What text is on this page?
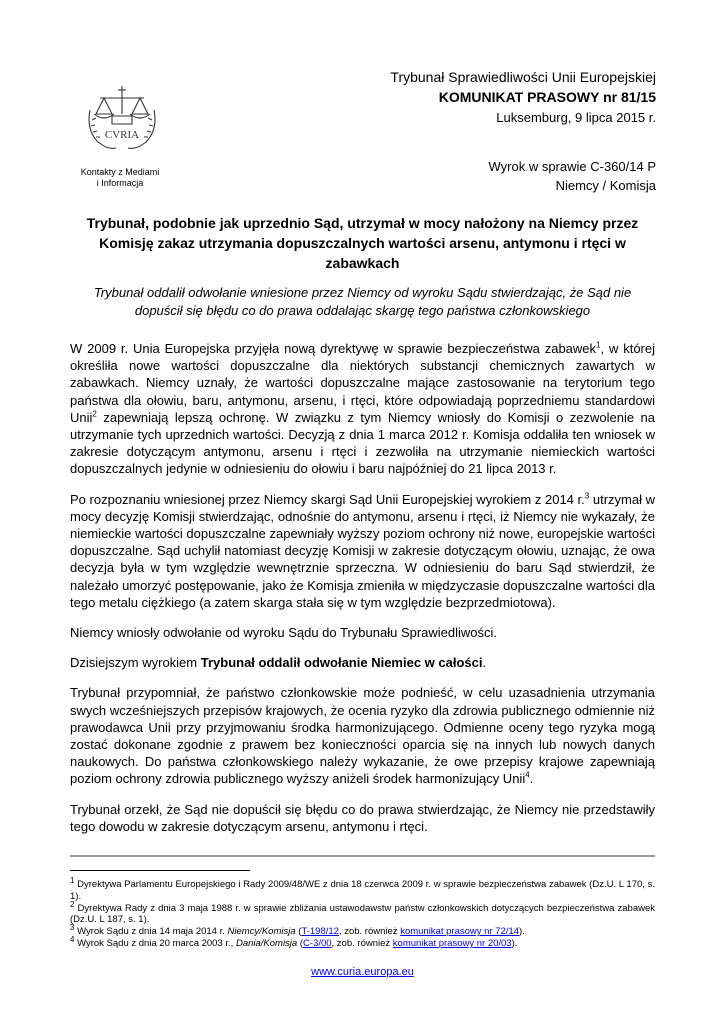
CVRIA
Kontakty z Mediami
i Informacja
Trybunał Sprawiedliwości Unii Europejskiej
KOMUNIKAT PRASOWY nr 81/15
Luksemburg, 9 lipca 2015 r.
Wyrok w sprawie C-360/14 P
Niemcy / Komisja
Trybunał, podobnie jak uprzednio Sąd, utrzymał w mocy nałożony na Niemcy przez Komisję zakaz utrzymania dopuszczalnych wartości arsenu, antymonu i rtęci w zabawkach
Trybunał oddalił odwołanie wniesione przez Niemcy od wyroku Sądu stwierdzając, że Sąd nie dopuścił się błędu co do prawa oddalając skargę tego państwa członkowskiego

W 2009 r. Unia Europejska przyjęła nową dyrektywę w sprawie bezpieczeństwa zabawek$^1$, w której określiła nowe wartości dopuszczalne dla niektórych substancji chemicznych zawartych w zabawkach. Niemcy uznały, że wartości dopuszczalne mające zastosowanie na terytorium tego państwa dla ołowiu, baru, antymonu, arsenu, i rtęci, które odpowiadają poprzedniemu standardowi Unii$^2$ zapewniają lepszą ochronę. W związku z tym Niemcy wniosły do Komisji o zezwolenie na utrzymanie tych uprzednich wartości. Decyzją z dnia 1 marca 2012 r. Komisja oddaliła ten wniosek w zakresie dotyczącym antymonu, arsenu i rtęci i zezwoliła na utrzymanie niemieckich wartości dopuszczalnych jedynie w odniesieniu do ołowiu i baru najpóźniej do 21 lipca 2013 r.

Po rozpoznaniu wniesionej przez Niemcy skargi Sąd Unii Europejskiej wyrokiem z 2014 r.$^3$ utrzymał w mocy decyzję Komisji stwierdzając, odnośnie do antymonu, arsenu i rtęci, iż Niemcy nie wykazały, że niemieckie wartości dopuszczalne zapewniały wyższy poziom ochrony niż nowe, europejskie wartości dopuszczalne. Sąd uchylił natomiast decyzję Komisji w zakresie dotyczącym ołowiu, uznając, że owa decyzja była w tym względzie wewnętrznie sprzeczna. W odniesieniu do baru Sąd stwierdził, że należało umorzyć postępowanie, jako że Komisja zmieniła w międzyczasie dopuszczalne wartości dla tego metalu ciężkiego (a zatem skarga stała się w tym względzie bezprzedmiotowa).

Niemcy wniosły odwołanie od wyroku Sądu do Trybunału Sprawiedliwości.

Dzisiejszym wyrokiem Trybunał oddalił odwołanie Niemiec w całości.

Trybunał przypomniał, że państwo członkowskie może podnieść, w celu uzasadnienia utrzymania swych wcześniejszych przepisów krajowych, że ocenia ryzyko dla zdrowia publicznego odmiennie niż prawodawca Unii przy przyjmowaniu środka harmonizującego. Odmienne oceny tego ryzyka mogą zostać dokonane zgodnie z prawem bez konieczności oparcia się na innych lub nowych danych naukowych. Do państwa członkowskiego należy wykazanie, że owe przepisy krajowe zapewniają poziom ochrony zdrowia publicznego wyższy aniżeli środek harmonizujący Unii$^4$.

Trybunał orzekł, że Sąd nie dopuścił się błędu co do prawa stwierdzając, że Niemcy nie przedstawiły tego dowodu w zakresie dotyczącym arsenu, antymonu i rtęci.

$^1$ Dyrektywa Parlamentu Europejskiego i Rady 2009/48/WE z dnia 18 czerwca 2009 r. w sprawie bezpieczeństwa zabawek (Dz.U. L 170, s. 1).
$^2$ Dyrektywa Rady z dnia 3 maja 1988 r. w sprawie zbliżania ustawodawstw państw członkowskich dotyczących bezpieczeństwa zabawek (Dz.U. L 187, s. 1).
$^3$ Wyrok Sądu z dnia 14 maja 2014 r. Niemcy/Komisja (T-198/12, zob. również komunikat prasowy nr 72/14).
$^4$ Wyrok Sądu z dnia 20 marca 2003 r., Dania/Komisja (C-3/00, zob. również komunikat prasowy nr 20/03).
www.curia.europa.eu
